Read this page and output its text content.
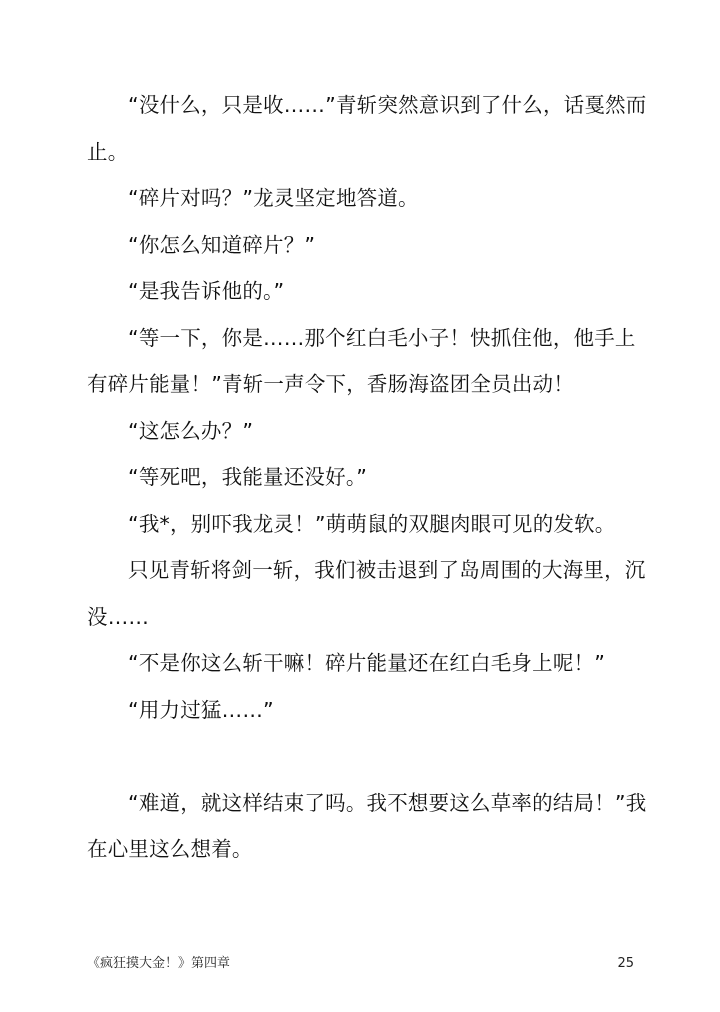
“没什么，只是收……”青斩突然意识到了什么，话戛然而止。

“碎片对吗？”龙灵坚定地答道。

“你怎么知道碎片？”

“是我告诉他的。”

“等一下，你是……那个红白毛小子！快抓住他，他手上有碎片能量！”青斩一声令下，香肠海盗团全员出动！

“这怎么办？”

“等死吧，我能量还没好。”

“我*，别吓我龙灵！”萌萌鼠的双腿肉眼可见的发软。

只见青斩将剑一斩，我们被击退到了岛周围的大海里，沉没……

“不是你这么斩干嘛！碎片能量还在红白毛身上呢！”

“用力过猛……”

“难道，就这样结束了吗。我不想要这么草率的结局！”我在心里这么想着。

《疯狂摸大金！》第四章	25
